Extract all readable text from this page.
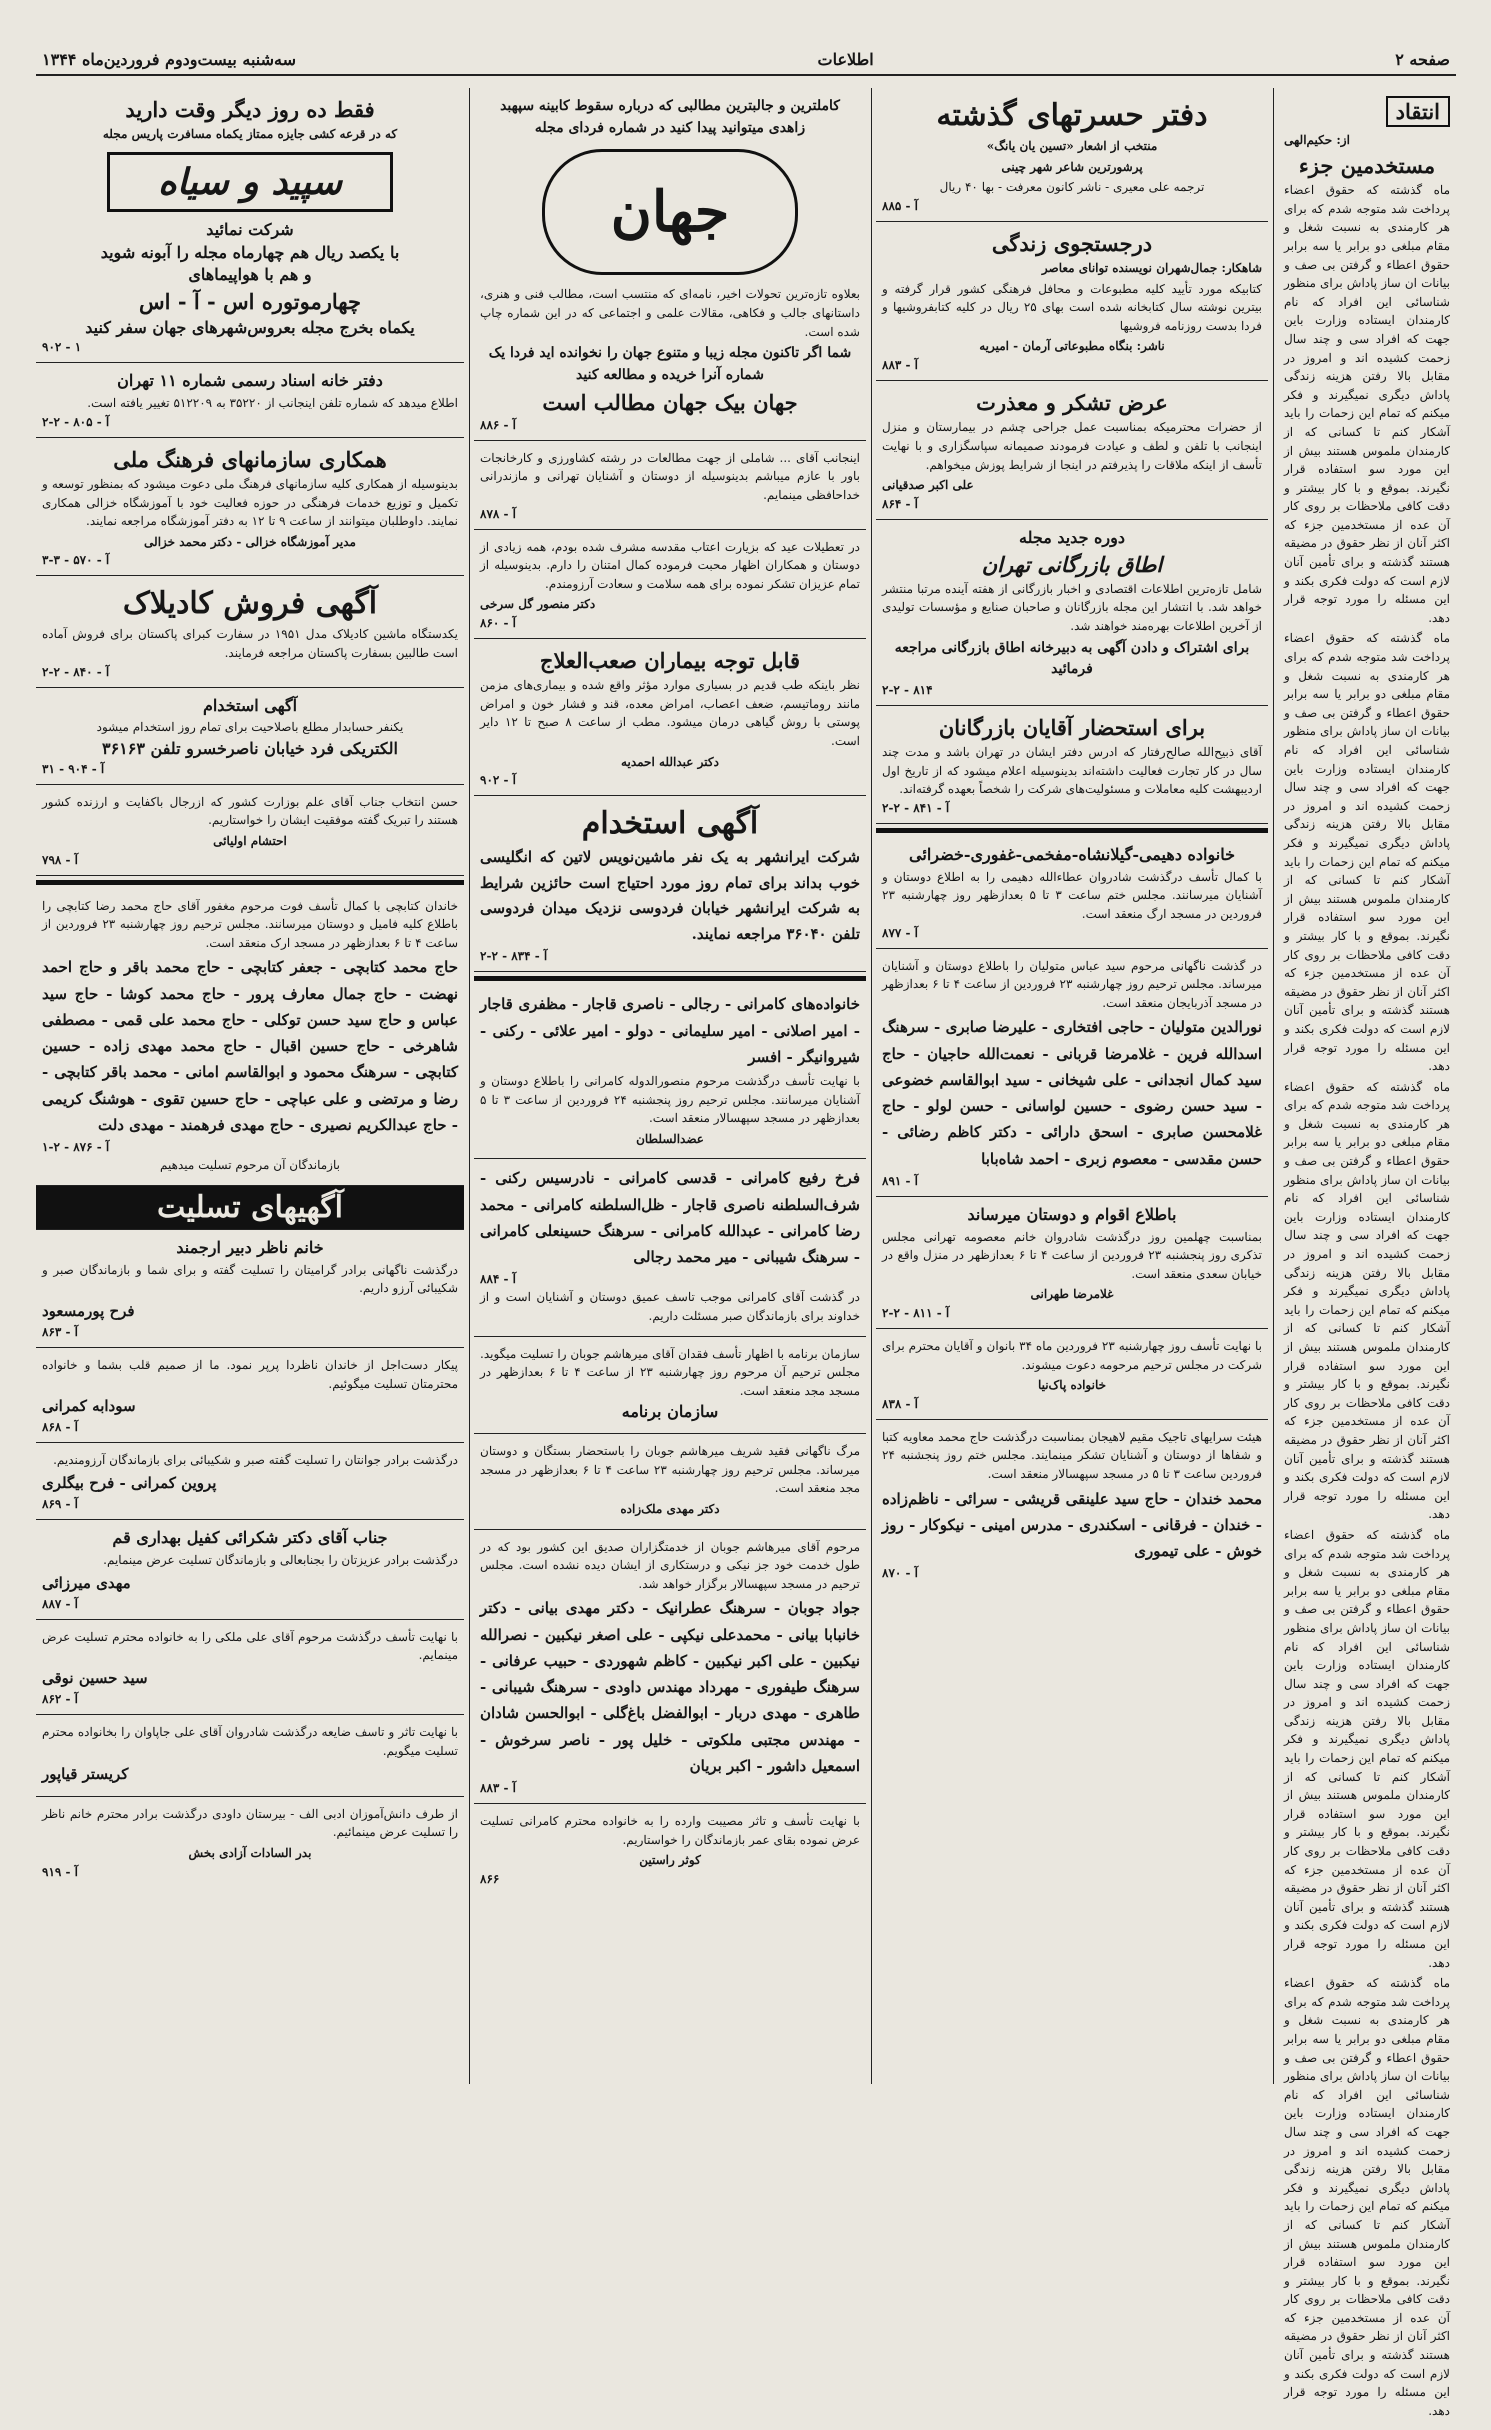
صفحه ۲
اطلاعات
سه‌شنبه بیست‌ودوم فروردین‌ماه ۱۳۴۴
انتقاد
از: حکیم‌الهی
مستخدمین جزء
ماه گذشته که حقوق اعضاء پرداخت شد متوجه شدم که برای هر کارمندی به نسبت شغل و مقام مبلغی دو برابر یا سه برابر حقوق اعطاء و گرفتن بی صف و بیانات ان ساز پاداش برای منظور شناسائی این افراد که نام کارمندان ایستاده وزارت باین جهت که افراد سی و چند سال زحمت کشیده اند و امروز در مقابل بالا رفتن هزینه زندگی پاداش دیگری نمیگیرند و فکر میکنم که تمام این زحمات را باید آشکار کنم تا کسانی که از کارمندان ملموس هستند بیش از این مورد سو استفاده قرار نگیرند. بموقع و با کار بیشتر و دقت کافی ملاحظات بر روی کار آن عده از مستخدمین جزء که اکثر آنان از نظر حقوق در مضیقه هستند گذشته و برای تأمین آنان لازم است که دولت فکری بکند و این مسئله را مورد توجه قرار دهد.
ماه گذشته که حقوق اعضاء پرداخت شد متوجه شدم که برای هر کارمندی به نسبت شغل و مقام مبلغی دو برابر یا سه برابر حقوق اعطاء و گرفتن بی صف و بیانات ان ساز پاداش برای منظور شناسائی این افراد که نام کارمندان ایستاده وزارت باین جهت که افراد سی و چند سال زحمت کشیده اند و امروز در مقابل بالا رفتن هزینه زندگی پاداش دیگری نمیگیرند و فکر میکنم که تمام این زحمات را باید آشکار کنم تا کسانی که از کارمندان ملموس هستند بیش از این مورد سو استفاده قرار نگیرند. بموقع و با کار بیشتر و دقت کافی ملاحظات بر روی کار آن عده از مستخدمین جزء که اکثر آنان از نظر حقوق در مضیقه هستند گذشته و برای تأمین آنان لازم است که دولت فکری بکند و این مسئله را مورد توجه قرار دهد.
ماه گذشته که حقوق اعضاء پرداخت شد متوجه شدم که برای هر کارمندی به نسبت شغل و مقام مبلغی دو برابر یا سه برابر حقوق اعطاء و گرفتن بی صف و بیانات ان ساز پاداش برای منظور شناسائی این افراد که نام کارمندان ایستاده وزارت باین جهت که افراد سی و چند سال زحمت کشیده اند و امروز در مقابل بالا رفتن هزینه زندگی پاداش دیگری نمیگیرند و فکر میکنم که تمام این زحمات را باید آشکار کنم تا کسانی که از کارمندان ملموس هستند بیش از این مورد سو استفاده قرار نگیرند. بموقع و با کار بیشتر و دقت کافی ملاحظات بر روی کار آن عده از مستخدمین جزء که اکثر آنان از نظر حقوق در مضیقه هستند گذشته و برای تأمین آنان لازم است که دولت فکری بکند و این مسئله را مورد توجه قرار دهد.
ماه گذشته که حقوق اعضاء پرداخت شد متوجه شدم که برای هر کارمندی به نسبت شغل و مقام مبلغی دو برابر یا سه برابر حقوق اعطاء و گرفتن بی صف و بیانات ان ساز پاداش برای منظور شناسائی این افراد که نام کارمندان ایستاده وزارت باین جهت که افراد سی و چند سال زحمت کشیده اند و امروز در مقابل بالا رفتن هزینه زندگی پاداش دیگری نمیگیرند و فکر میکنم که تمام این زحمات را باید آشکار کنم تا کسانی که از کارمندان ملموس هستند بیش از این مورد سو استفاده قرار نگیرند. بموقع و با کار بیشتر و دقت کافی ملاحظات بر روی کار آن عده از مستخدمین جزء که اکثر آنان از نظر حقوق در مضیقه هستند گذشته و برای تأمین آنان لازم است که دولت فکری بکند و این مسئله را مورد توجه قرار دهد.
ماه گذشته که حقوق اعضاء پرداخت شد متوجه شدم که برای هر کارمندی به نسبت شغل و مقام مبلغی دو برابر یا سه برابر حقوق اعطاء و گرفتن بی صف و بیانات ان ساز پاداش برای منظور شناسائی این افراد که نام کارمندان ایستاده وزارت باین جهت که افراد سی و چند سال زحمت کشیده اند و امروز در مقابل بالا رفتن هزینه زندگی پاداش دیگری نمیگیرند و فکر میکنم که تمام این زحمات را باید آشکار کنم تا کسانی که از کارمندان ملموس هستند بیش از این مورد سو استفاده قرار نگیرند. بموقع و با کار بیشتر و دقت کافی ملاحظات بر روی کار آن عده از مستخدمین جزء که اکثر آنان از نظر حقوق در مضیقه هستند گذشته و برای تأمین آنان لازم است که دولت فکری بکند و این مسئله را مورد توجه قرار دهد.
دفتر حسرتهای گذشته
منتخب از اشعار «تسین یان یانگ»
پرشورترین شاعر شهر چینی
ترجمه علی معیری - ناشر کانون معرفت - بها ۴۰ ریال
آ - ۸۸۵
درجستجوی زندگی
شاهکار: جمال‌شهران نویسنده توانای معاصر
کتابیکه مورد تأیید کلیه مطبوعات و محافل فرهنگی کشور قرار گرفته و بیترین نوشته سال کتابخانه شده است بهای ۲۵ ریال در کلیه کتابفروشیها و فردا بدست روزنامه فروشیها
ناشر: بنگاه مطبوعاتی آرمان - امیریه
آ - ۸۸۳
عرض تشکر و معذرت
از حضرات محترمیکه بمناسبت عمل جراحی چشم در بیمارستان و منزل اینجانب با تلفن و لطف و عیادت فرمودند صمیمانه سپاسگزاری و با نهایت تأسف از اینکه ملاقات را پذیرفتم در اینجا از شرایط پوزش میخواهم.
علی اکبر صدقیانی
آ - ۸۶۴
دوره جدید مجله
اطاق بازرگانی تهران
شامل تازه‌ترین اطلاعات اقتصادی و اخبار بازرگانی از هفته آینده مرتبا منتشر خواهد شد. با انتشار این مجله بازرگانان و صاحبان صنایع و مؤسسات تولیدی از آخرین اطلاعات بهره‌مند خواهند شد.
برای اشتراک و دادن آگهی به دبیرخانه اطاق بازرگانی مراجعه فرمائید
۸۱۴ - ۲-۲
برای استحضار آقایان بازرگانان
آقای ذبیح‌الله صالح‌رفتار که ادرس دفتر ایشان در تهران باشد و مدت چند سال در کار تجارت فعالیت داشته‌اند بدینوسیله اعلام میشود که از تاریخ اول اردیبهشت کلیه معاملات و مسئولیت‌های شرکت را شخصاً بعهده گرفته‌اند.
آ - ۸۴۱ - ۲-۲
خانواده دهیمی-گیلانشاه-مفخمی-غفوری-خضرائی
با کمال تأسف درگذشت شادروان عطاءالله دهیمی را به اطلاع دوستان و آشنایان میرسانند. مجلس ختم ساعت ۳ تا ۵ بعدازظهر روز چهارشنبه ۲۳ فروردین در مسجد ارگ منعقد است.
آ - ۸۷۷
در گذشت ناگهانی مرحوم سید عباس متولیان را باطلاع دوستان و آشنایان میرساند. مجلس ترحیم روز چهارشنبه ۲۳ فروردین از ساعت ۴ تا ۶ بعدازظهر در مسجد آذربایجان منعقد است.
نورالدین متولیان - حاجی افتخاری - علیرضا صابری - سرهنگ اسدالله فرین - غلامرضا قربانی - نعمت‌الله حاجیان - حاج سید کمال انجدانی - علی شیخانی - سید ابوالقاسم خضوعی - سید حسن رضوی - حسین لواسانی - حسن لولو - حاج غلامحسن صابری - اسحق دارائی - دکتر کاظم رضائی - حسن مقدسی - معصوم زبری - احمد شاه‌بابا
آ - ۸۹۱
باطلاع اقوام و دوستان میرساند
بمناسبت چهلمین روز درگذشت شادروان خانم معصومه تهرانی مجلس تذکری روز پنجشنبه ۲۳ فروردین از ساعت ۴ تا ۶ بعدازظهر در منزل واقع در خیابان سعدی منعقد است.
غلامرضا طهرانی
آ - ۸۱۱ - ۲-۲
با نهایت تأسف روز چهارشنبه ۲۳ فروردین ماه ۳۴ بانوان و آقایان محترم برای شرکت در مجلس ترحیم مرحومه دعوت میشوند.
خانواده پاک‌نیا
آ - ۸۳۸
هیئت سرایهای تاجیک مقیم لاهیجان بمناسبت درگذشت حاج محمد معاویه کتبا و شفاها از دوستان و آشنایان تشکر مینمایند. مجلس ختم روز پنجشنبه ۲۴ فروردین ساعت ۳ تا ۵ در مسجد سپهسالار منعقد است.
محمد خندان - حاج سید علینقی قریشی - سرائی - ناظم‌زاده - خندان - فرقانی - اسکندری - مدرس امینی - نیکوکار - روز خوش - علی تیموری
آ - ۸۷۰
کاملترین و جالبترین مطالبی که درباره سقوط کابینه سپهبد زاهدی میتوانید پیدا کنید در شماره فردای مجله
جهان
بعلاوه تازه‌ترین تحولات اخیر، نامه‌ای که منتسب است، مطالب فنی و هنری، داستانهای جالب و فکاهی، مقالات علمی و اجتماعی که در این شماره چاپ شده است.
شما اگر تاکنون مجله زیبا و متنوع جهان را نخوانده اید فردا یک شماره آنرا خریده و مطالعه کنید
جهان بیک جهان مطالب است
آ - ۸۸۶
اینجانب آقای ... شاملی از جهت مطالعات در رشته کشاورزی و کارخانجات باور با عازم میباشم بدینوسیله از دوستان و آشنایان تهرانی و مازندرانی خداحافظی مینمایم.
آ - ۸۷۸
در تعطیلات عید که بزیارت اعتاب مقدسه مشرف شده بودم، همه زیادی از دوستان و همکاران اظهار محبت فرموده کمال امتنان را دارم. بدینوسیله از تمام عزیزان تشکر نموده برای همه سلامت و سعادت آرزومندم.
دکتر منصور گل سرخی
آ - ۸۶۰
قابل توجه بیماران صعب‌العلاج
نظر باینکه طب قدیم در بسیاری موارد مؤثر واقع شده و بیماری‌های مزمن مانند روماتیسم، ضعف اعصاب، امراض معده، قند و فشار خون و امراض پوستی با روش گیاهی درمان میشود. مطب از ساعت ۸ صبح تا ۱۲ دایر است.
دکتر عبدالله احمدیه
آ - ۹۰۲
آگهی استخدام
شرکت ایرانشهر به یک نفر ماشین‌نویس لاتین که انگلیسی خوب بداند برای تمام روز مورد احتیاج است حائزین شرایط به شرکت ایرانشهر خیابان فردوسی نزدیک میدان فردوسی تلفن ۳۶۰۴۰ مراجعه نمایند.
آ - ۸۳۴ - ۲-۲
خانواده‌های کامرانی - رجالی - ناصری قاجار - مظفری قاجار - امیر اصلانی - امیر سلیمانی - دولو - امیر علائی - رکنی - شیروانیگر - افسر
با نهایت تأسف درگذشت مرحوم منصورالدوله کامرانی را باطلاع دوستان و آشنایان میرسانند. مجلس ترحیم روز پنجشنبه ۲۴ فروردین از ساعت ۳ تا ۵ بعدازظهر در مسجد سپهسالار منعقد است.
عضدالسلطان
فرخ رفیع کامرانی - قدسی کامرانی - نادرسیس رکنی - شرف‌السلطنه ناصری قاجار - ظل‌السلطنه کامرانی - محمد رضا کامرانی - عبدالله کامرانی - سرهنگ حسینعلی کامرانی - سرهنگ شیبانی - میر محمد رجالی
آ - ۸۸۴
در گذشت آقای کامرانی موجب تاسف عمیق دوستان و آشنایان است و از خداوند برای بازماندگان صبر مسئلت داریم.
سازمان برنامه با اظهار تأسف فقدان آقای میرهاشم جوبان را تسلیت میگوید. مجلس ترحیم آن مرحوم روز چهارشنبه ۲۳ از ساعت ۴ تا ۶ بعدازظهر در مسجد مجد منعقد است.
سازمان برنامه
مرگ ناگهانی فقید شریف میرهاشم جوبان را باستحضار بستگان و دوستان میرساند. مجلس ترحیم روز چهارشنبه ۲۳ ساعت ۴ تا ۶ بعدازظهر در مسجد مجد منعقد است.
دکتر مهدی ملک‌زاده
مرحوم آقای میرهاشم جوبان از خدمتگزاران صدیق این کشور بود که در طول خدمت خود جز نیکی و درستکاری از ایشان دیده نشده است. مجلس ترحیم در مسجد سپهسالار برگزار خواهد شد.
جواد جوبان - سرهنگ عطرانیک - دکتر مهدی بیانی - دکتر خانبابا بیانی - محمدعلی نیکپی - علی اصغر نیکبین - نصرالله نیکبین - علی اکبر نیکبین - کاظم شهوردی - حبیب عرفانی - سرهنگ طیفوری - مهرداد مهندس داودی - سرهنگ شیبانی - طاهری - مهدی دربار - ابوالفضل باغ‌گلی - ابوالحسن شادان - مهندس مجتبی ملکوتی - خلیل پور - ناصر سرخوش - اسمعیل داشور - اکبر بریان
آ - ۸۸۳
با نهایت تأسف و تاثر مصیبت وارده را به خانواده محترم کامرانی تسلیت عرض نموده بقای عمر بازماندگان را خواستاریم.
کوثر راستین
۸۶۶
فقط ده روز دیگر وقت دارید
که در قرعه کشی جایزه ممتاز یکماه مسافرت پاریس مجله
سپید و سیاه
شرکت نمائید
با یکصد ریال هم چهارماه مجله را آبونه شوید
و هم با هواپیماهای
چهارموتوره اس - آ - اس
یکماه بخرج مجله بعروس‌شهرهای جهان سفر کنید
۱ - ۹۰۲
دفتر خانه اسناد رسمی شماره ۱۱ تهران
اطلاع میدهد که شماره تلفن اینجانب از ۳۵۲۲۰ به ۵۱۲۲۰۹ تغییر یافته است.
آ - ۸۰۵ - ۲-۲
همکاری سازمانهای فرهنگ ملی
بدینوسیله از همکاری کلیه سازمانهای فرهنگ ملی دعوت میشود که بمنظور توسعه و تکمیل و توزیع خدمات فرهنگی در حوزه فعالیت خود با آموزشگاه خزالی همکاری نمایند. داوطلبان میتوانند از ساعت ۹ تا ۱۲ به دفتر آموزشگاه مراجعه نمایند.
مدیر آموزشگاه خزالی - دکتر محمد خزالی
آ - ۵۷۰ - ۳-۳
آگهی فروش کادیلاک
یکدستگاه ماشین کادیلاک مدل ۱۹۵۱ در سفارت کبرای پاکستان برای فروش آماده است طالبین بسفارت پاکستان مراجعه فرمایند.
آ - ۸۴۰ - ۲-۲
آگهی استخدام
یکنفر حسابدار مطلع باصلاحیت برای تمام روز استخدام میشود
الکتریکی فرد خیابان ناصرخسرو تلفن ۳۶۱۶۳
آ - ۹۰۴ - ۳۱
حسن انتخاب جناب آقای علم بوزارت کشور که ازرجال باکفایت و ارزنده کشور هستند را تبریک گفته موفقیت ایشان را خواستاریم.
احتشام اولیائی
آ - ۷۹۸
خاندان کتابچی با کمال تأسف فوت مرحوم مغفور آقای حاج محمد رضا کتابچی را باطلاع کلیه فامیل و دوستان میرسانند. مجلس ترحیم روز چهارشنبه ۲۳ فروردین از ساعت ۴ تا ۶ بعدازظهر در مسجد ارک منعقد است.
حاج محمد کتابچی - جعفر کتابچی - حاج محمد باقر و حاج احمد نهضت - حاج جمال معارف پرور - حاج محمد کوشا - حاج سید عباس و حاج سید حسن توکلی - حاج محمد علی قمی - مصطفی شاهرخی - حاج حسین اقبال - حاج محمد مهدی زاده - حسین کتابچی - سرهنگ محمود و ابوالقاسم امانی - محمد باقر کتابچی - رضا و مرتضی و علی عباچی - حاج حسین تقوی - هوشنگ کریمی - حاج عبدالکریم نصیری - حاج مهدی فرهمند - مهدی دلت
آ - ۸۷۶ - ۲-۱
بازماندگان آن مرحوم تسلیت میدهیم
آگهیهای تسلیت
خانم ناظر دبیر ارجمند
درگذشت ناگهانی برادر گرامیتان را تسلیت گفته و برای شما و بازماندگان صبر و شکیبائی آرزو داریم.
فرح پورمسعود
آ - ۸۶۳
پیکار دست‌اجل از خاندان ناظردا پرپر نمود. ما از صمیم قلب بشما و خانواده محترمتان تسلیت میگوئیم.
سودابه کمرانی
آ - ۸۶۸
درگذشت برادر جوانتان را تسلیت گفته صبر و شکیبائی برای بازماندگان آرزومندیم.
پروین کمرانی - فرح بیگلری
آ - ۸۶۹
جناب آقای دکتر شکرائی کفیل بهداری قم
درگذشت برادر عزیزتان را بجنابعالی و بازماندگان تسلیت عرض مینمایم.
مهدی میرزائی
آ - ۸۸۷
با نهایت تأسف درگذشت مرحوم آقای علی ملکی را به خانواده محترم تسلیت عرض مینمایم.
سید حسین نوقی
آ - ۸۶۲
با نهایت تاثر و تاسف ضایعه درگذشت شادروان آقای علی جاپاوان را بخانواده محترم تسلیت میگویم.
کریستر قیاپور
از طرف دانش‌آموزان ادبی الف - بیرستان داودی درگذشت برادر محترم خانم ناظر را تسلیت عرض مینمائیم.
بدر السادات آزادی بخش
آ - ۹۱۹
